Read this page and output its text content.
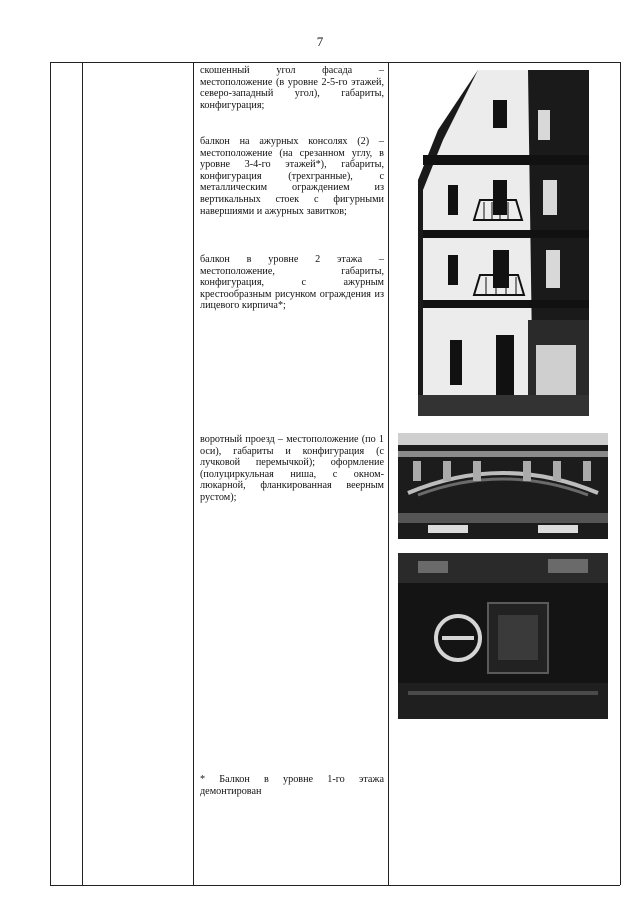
7
скошенный угол фасада – местоположение (в уровне 2-5-го этажей, северо-западный угол), габариты, конфигурация;
балкон на ажурных консолях (2) – местоположение (на срезанном углу, в уровне 3-4-го этажей*), габариты, конфигурация (трехгранные), с металлическим ограждением из вертикальных стоек с фигурными навершиями и ажурных завитков;
балкон в уровне 2 этажа – местоположение, габариты, конфигурация, с ажурным крестообразным рисунком ограждения из лицевого кирпича*;
воротный проезд – местоположение (по 1 оси), габариты и конфигурация (с лучковой перемычкой); оформление (полуциркульная ниша, с окном-люкарной, фланкированная веерным рустом);
* Балкон в уровне 1-го этажа демонтирован
